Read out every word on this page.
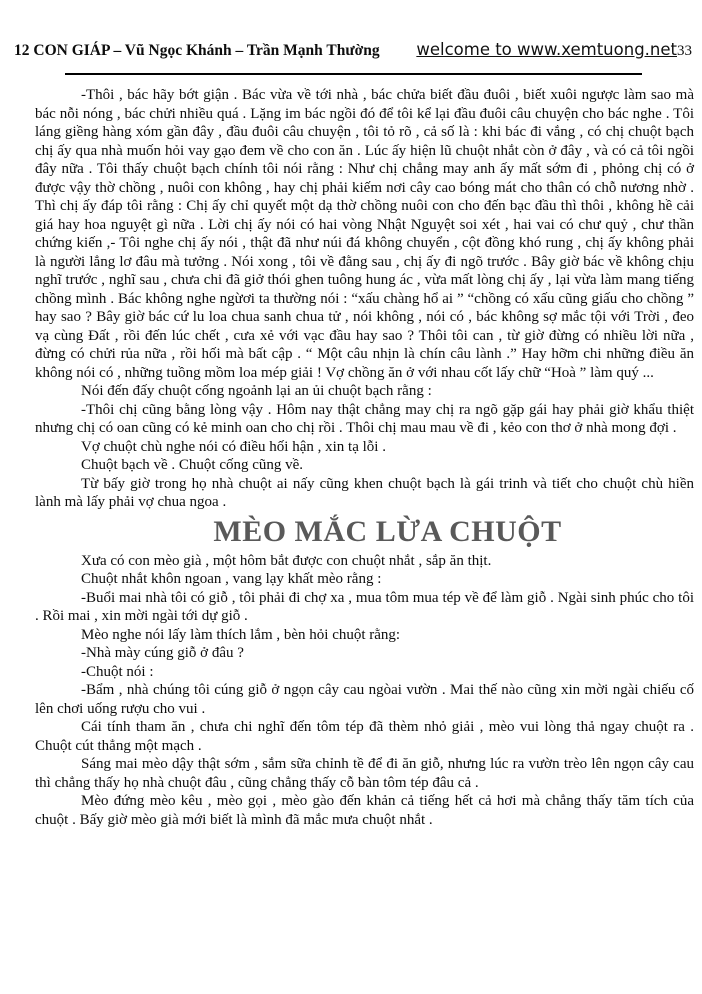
12 CON GIÁP – Vũ Ngọc Khánh – Trần Mạnh Thường welcome to www.xemtuong.net 33

-Thôi , bác hãy bớt giận . Bác vừa về tới nhà , bác chửa biết đầu đuôi , biết xuôi ngược làm sao mà bác nỗi nóng , bác chửi nhiều quá . Lặng im bác ngồi đó để tôi kể lại đầu đuôi câu chuyện cho bác nghe . Tôi láng giềng hàng xóm gần đây , đầu đuôi câu chuyện , tôi tỏ rõ , cả số là : khi bác đi vắng , có chị chuột bạch chị ấy qua nhà muốn hỏi vay gạo đem về cho con ăn . Lúc ấy hiện lũ chuột nhắt còn ở đây , và có cả tôi ngồi đây nữa . Tôi thấy chuột bạch chính tôi nói rằng : Như chị chẳng may anh ấy mất sớm đi , phỏng chị có ở được vậy thờ chồng , nuôi con không , hay chị phải kiếm nơi cây cao bóng mát cho thân có chỗ nương nhờ . Thì chị ấy đáp tôi rằng : Chị ấy chỉ quyết một dạ thờ chồng nuôi con cho đến bạc đầu thì thôi , không hề cải giá hay hoa nguyệt gì nữa . Lời chị ấy nói có hai vòng Nhật Nguyệt soi xét , hai vai có chư quỷ , chư thần chứng kiến ,- Tôi nghe chị ấy nói , thật đã như núi đá không chuyển , cột đồng khó rung , chị ấy không phải là người lẳng lơ đâu mà tưởng . Nói xong , tôi về đằng sau , chị ấy đi ngõ trước . Bây giờ bác về không chịu nghĩ trước , nghĩ sau , chưa chi đã giở thói ghen tuông hung ác , vừa mất lòng chị ấy , lại vừa làm mang tiếng chồng mình . Bác không nghe ngừơi ta thường nói : “xấu chàng hổ ai ” “chồng có xấu cũng giấu cho chồng ” hay sao ? Bây giờ bác cứ lu loa chua sanh chua tử , nói không , nói có , bác không sợ mắc tội với Trời , đeo vạ cùng Đất , rồi đến lúc chết , cưa xẻ với vạc đầu hay sao ? Thôi tôi can , từ giờ đừng có nhiều lời nữa , đừng có chửi rủa nữa , rồi hối mà bất cập . “ Một câu nhịn là chín câu lành .” Hay hỡm chi những điều ăn không nói có , những tuồng mồm loa mép giải ! Vợ chồng ăn ở với nhau cốt lấy chữ “Hoà ” làm quý ...

Nói đến đấy chuột cống ngoảnh lại an ủi chuột bạch rằng :

-Thôi chị cũng bằng lòng vậy . Hôm nay thật chẳng may chị ra ngõ gặp gái hay phải giờ khẩu thiệt nhưng chị có oan cũng có kẻ minh oan cho chị rồi . Thôi chị mau mau về đi , kẻo con thơ ở nhà mong đợi .

Vợ chuột chù nghe nói có điều hối hận , xin tạ lỗi .

Chuột bạch về . Chuột cống cũng về.

Từ bấy giờ trong họ nhà chuột ai nấy cũng khen chuột bạch là gái trinh và tiết cho chuột chù hiền lành mà lấy phải vợ chua ngoa .

MÈO MẮC LỪA CHUỘT

Xưa có con mèo già , một hôm bắt được con chuột nhắt , sắp ăn thịt.

Chuột nhắt khôn ngoan , vang lạy khất mèo rằng :

-Buổi mai nhà tôi có giỗ , tôi phải đi chợ xa , mua tôm mua tép về để làm giỗ . Ngài sinh phúc cho tôi . Rồi mai , xin mời ngài tới dự giỗ .

Mèo nghe nói lấy làm thích lắm , bèn hỏi chuột rằng:

-Nhà mày cúng giỗ ở đâu ?

-Chuột nói :

-Bẩm , nhà chúng tôi cúng giỗ ở ngọn cây cau ngòai vườn . Mai thế nào cũng xin mời ngài chiếu cố lên chơi uống rượu cho vui .

Cái tính tham ăn , chưa chi nghĩ đến tôm tép đã thèm nhỏ giải , mèo vui lòng thả ngay chuột ra . Chuột cút thẳng một mạch .

Sáng mai mèo dậy thật sớm , sắm sữa chỉnh tề để đi ăn giỗ, nhưng lúc ra vườn trèo lên ngọn cây cau thì chẳng thấy họ nhà chuột đâu , cũng chẳng thấy cỗ bàn tôm tép đâu cả .

Mèo đứng mèo kêu , mèo gọi , mèo gào đến khản cả tiếng hết cả hơi mà chẳng thấy tăm tích của chuột . Bấy giờ mèo già mới biết là mình đã mắc mưa chuột nhắt .
